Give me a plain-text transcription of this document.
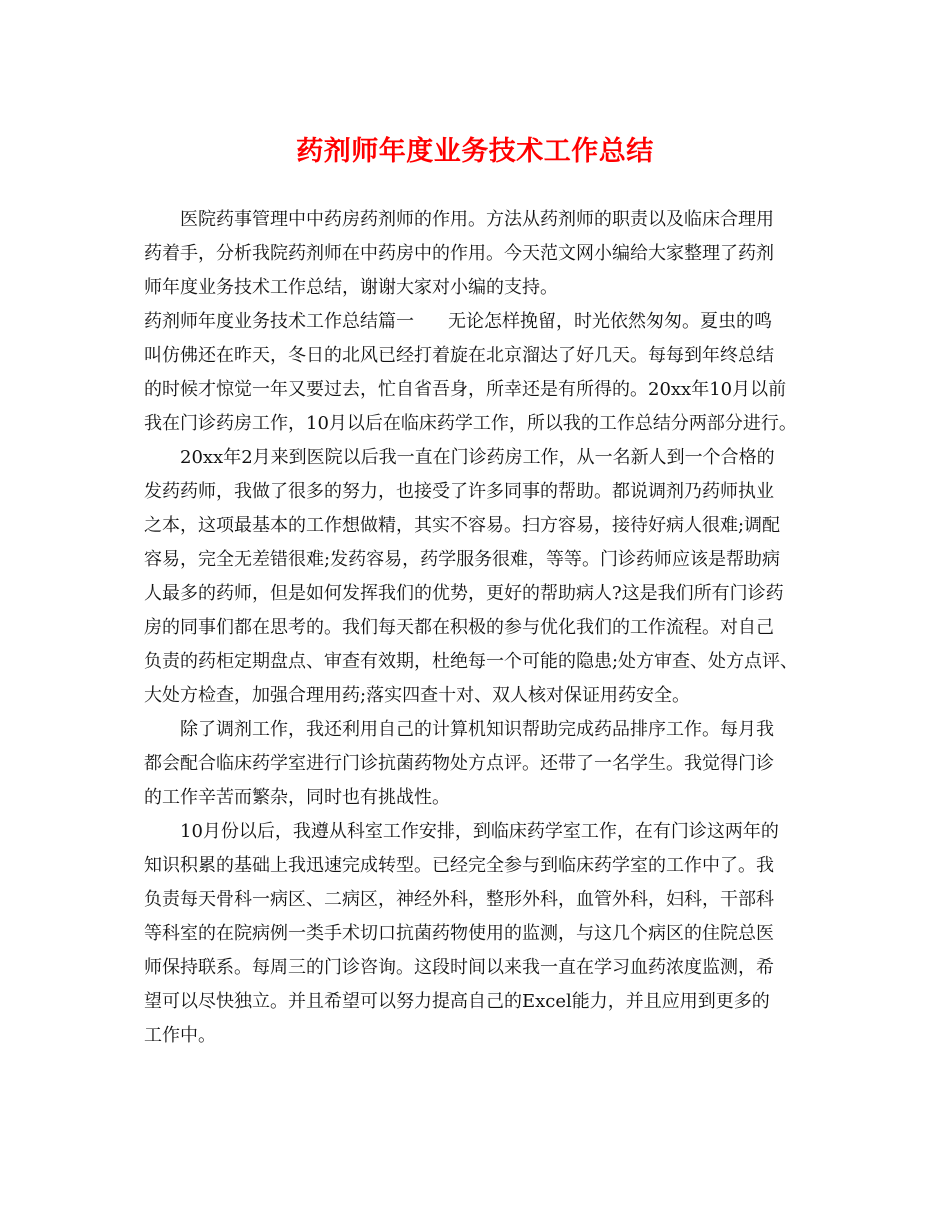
药剂师年度业务技术工作总结
医院药事管理中中药房药剂师的作用。方法从药剂师的职责以及临床合理用
药着手，分析我院药剂师在中药房中的作用。今天范文网小编给大家整理了药剂
师年度业务技术工作总结，谢谢大家对小编的支持。
药剂师年度业务技术工作总结篇一 无论怎样挽留，时光依然匆匆。夏虫的鸣
叫仿佛还在昨天，冬日的北风已经打着旋在北京溜达了好几天。每每到年终总结
的时候才惊觉一年又要过去，忙自省吾身，所幸还是有所得的。20xx年10月以前
我在门诊药房工作，10月以后在临床药学工作，所以我的工作总结分两部分进行。
20xx年2月来到医院以后我一直在门诊药房工作，从一名新人到一个合格的
发药药师，我做了很多的努力，也接受了许多同事的帮助。都说调剂乃药师执业
之本，这项最基本的工作想做精，其实不容易。扫方容易，接待好病人很难;调配
容易，完全无差错很难;发药容易，药学服务很难，等等。门诊药师应该是帮助病
人最多的药师，但是如何发挥我们的优势，更好的帮助病人?这是我们所有门诊药
房的同事们都在思考的。我们每天都在积极的参与优化我们的工作流程。对自己
负责的药柜定期盘点、审查有效期，杜绝每一个可能的隐患;处方审查、处方点评、
大处方检查，加强合理用药;落实四查十对、双人核对保证用药安全。
除了调剂工作，我还利用自己的计算机知识帮助完成药品排序工作。每月我
都会配合临床药学室进行门诊抗菌药物处方点评。还带了一名学生。我觉得门诊
的工作辛苦而繁杂，同时也有挑战性。
10月份以后，我遵从科室工作安排，到临床药学室工作，在有门诊这两年的
知识积累的基础上我迅速完成转型。已经完全参与到临床药学室的工作中了。我
负责每天骨科一病区、二病区，神经外科，整形外科，血管外科，妇科，干部科
等科室的在院病例一类手术切口抗菌药物使用的监测，与这几个病区的住院总医
师保持联系。每周三的门诊咨询。这段时间以来我一直在学习血药浓度监测，希
望可以尽快独立。并且希望可以努力提高自己的Excel能力，并且应用到更多的
工作中。
